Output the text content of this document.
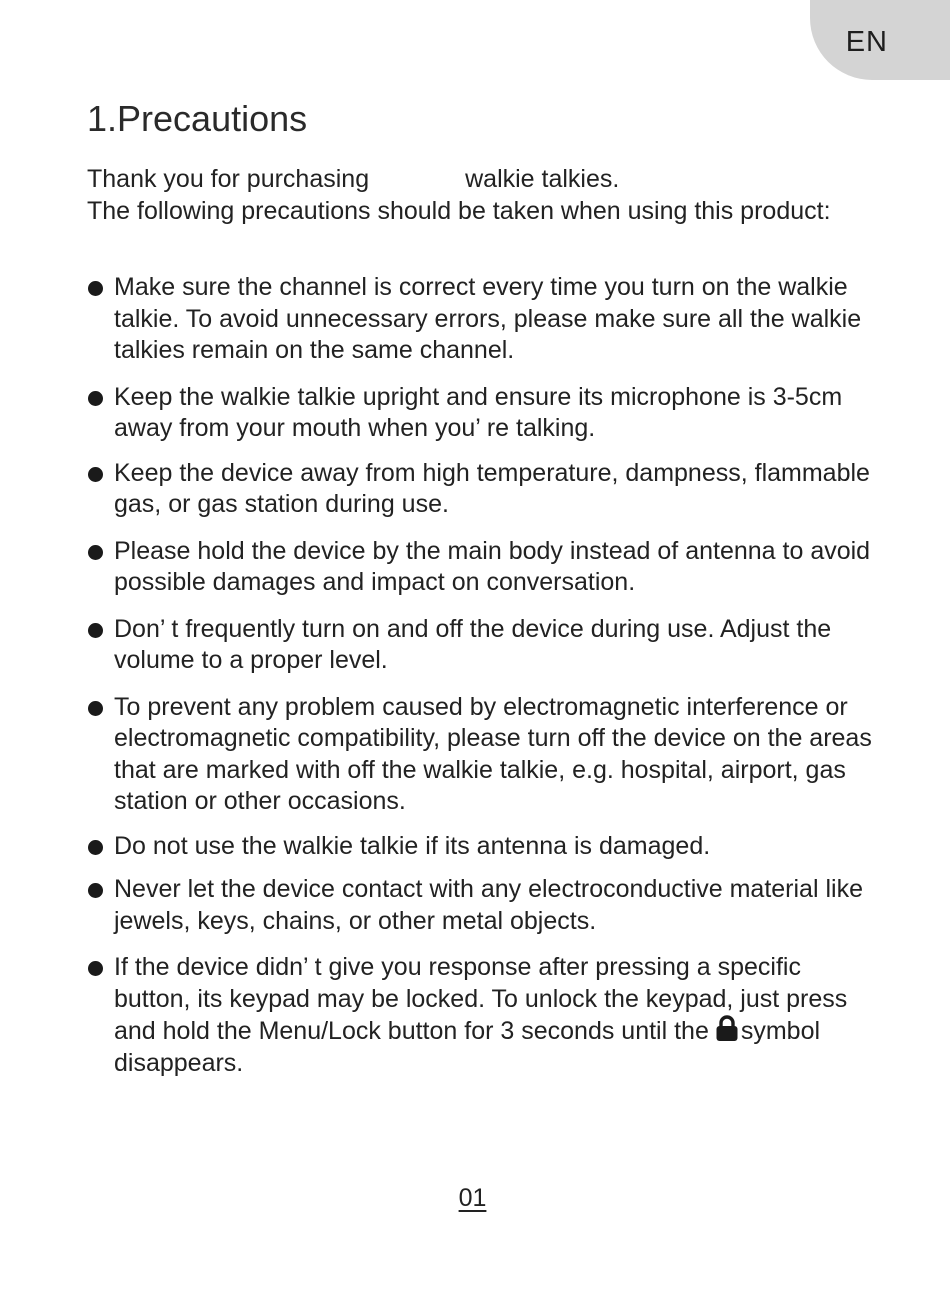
EN
1.Precautions

Thank you for purchasing	walkie talkies.

The following precautions should be taken when using this product:

Make sure the channel is correct every time you turn on the walkie talkie. To avoid unnecessary errors, please make sure all the walkie talkies remain on the same channel.
Keep the walkie talkie upright and ensure its microphone is 3-5cm away from your mouth when you’ re talking.
Keep the device away from high temperature, dampness, flammable gas, or gas station during use.
Please hold the device by the main body instead of antenna to avoid possible damages and impact on conversation.
Don’ t frequently turn on and off the device during use. Adjust the volume to a proper level.
To prevent any problem caused by electromagnetic interference or electromagnetic compatibility, please turn off the device on the areas that are marked with off the walkie talkie, e.g. hospital, airport, gas station or other occasions.
Do not use the walkie talkie if its antenna is damaged.
Never let the device contact with any electroconductive material like jewels, keys, chains, or other metal objects.
If the device didn’ t give you response after pressing a specific button, its keypad may be locked. To unlock the keypad, just press and hold the Menu/Lock button for 3 seconds until the symbol disappears.
01
